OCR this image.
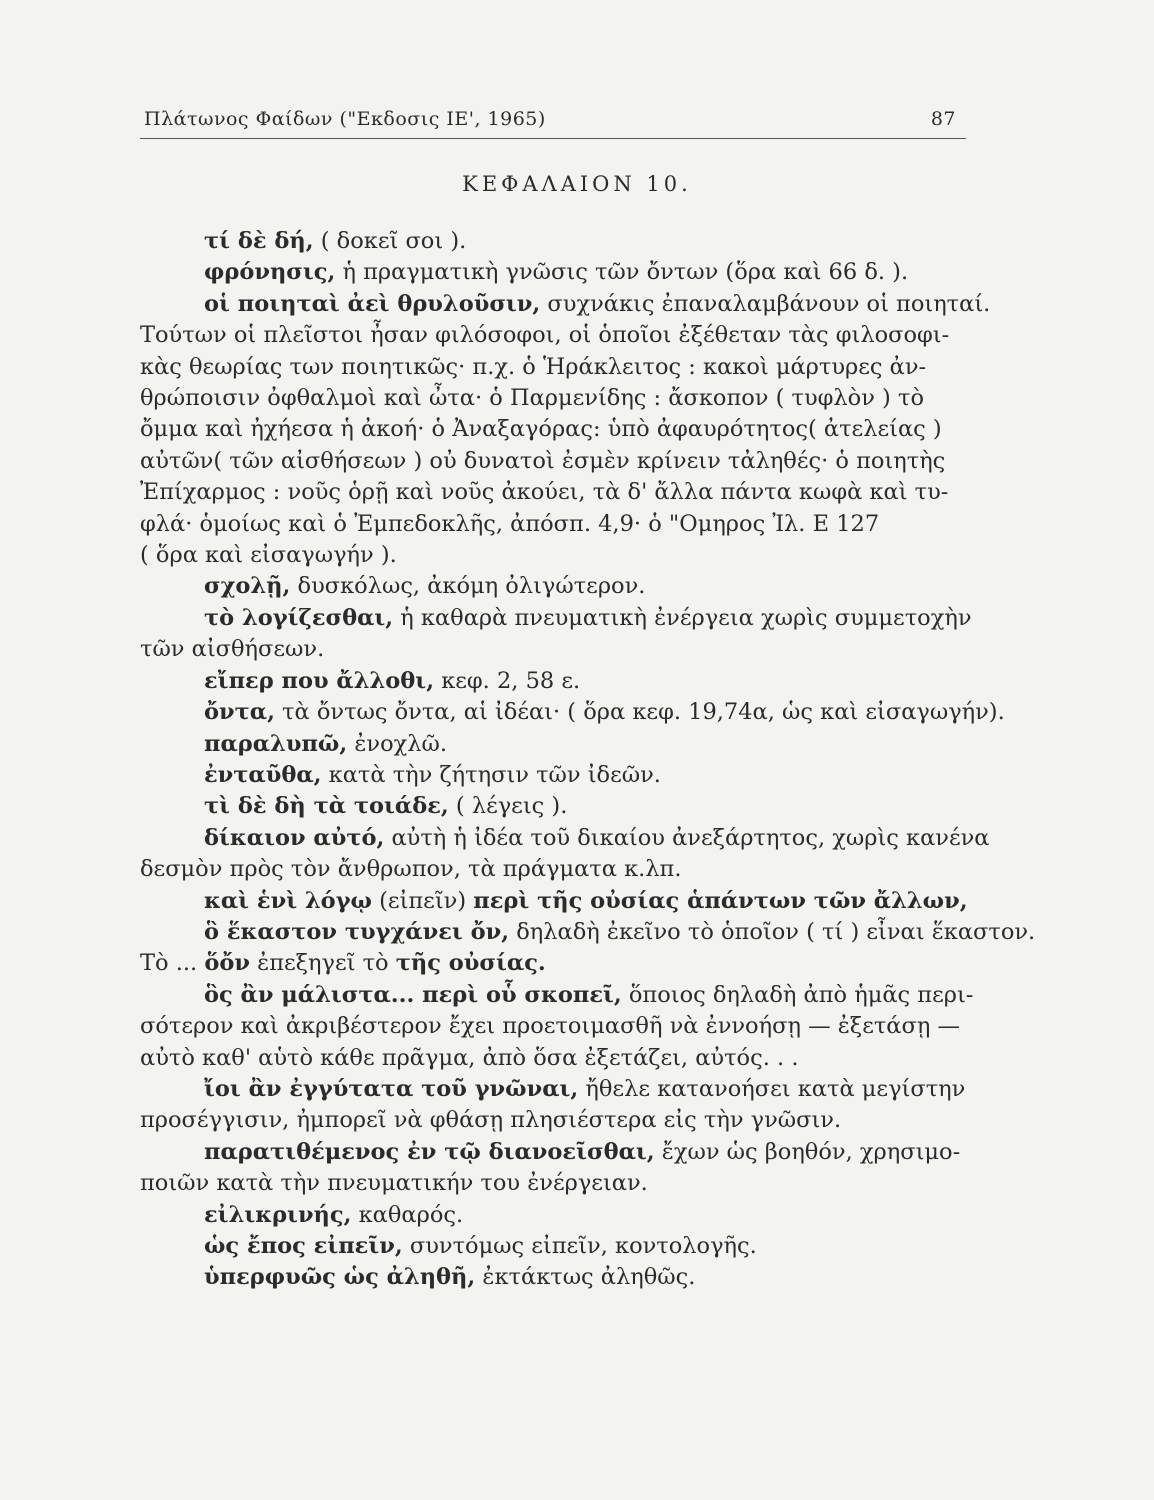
Πλάτωνος Φαίδων ("Εκδοσις ΙΕ', 1965)	87
ΚΕΦΑΛΑΙΟΝ 10.
τί δὲ δή, ( δοκεῖ σοι ).
φρόνησις, ἡ πραγματικὴ γνῶσις τῶν ὄντων (ὅρα καὶ 66 δ. ).
οἱ ποιηταὶ ἀεὶ θρυλοῦσιν, συχνάκις ἐπαναλαμβάνουν οἱ ποιηταί.
Τούτων οἱ πλεῖστοι ἦσαν φιλόσοφοι, οἱ ὁποῖοι ἐξέθεταν τὰς φιλοσοφι-
κὰς θεωρίας των ποιητικῶς· π.χ. ὁ Ἡράκλειτος : κακοὶ μάρτυρες ἀν-
θρώποισιν ὀφθαλμοὶ καὶ ὦτα· ὁ Παρμενίδης : ἄσκοπον ( τυφλὸν ) τὸ
ὄμμα καὶ ἠχήεσα ἡ ἀκοή· ὁ Ἀναξαγόρας: ὑπὸ ἀφαυρότητος( ἀτελείας )
αὐτῶν( τῶν αἰσθήσεων ) οὐ δυνατοὶ ἐσμὲν κρίνειν τἀληθές· ὁ ποιητὴς
Ἐπίχαρμος : νοῦς ὁρῇ καὶ νοῦς ἀκούει, τὰ δ' ἄλλα πάντα κωφὰ καὶ τυ-
φλά· ὁμοίως καὶ ὁ Ἐμπεδοκλῆς, ἀπόσπ. 4,9· ὁ "Ομηρος Ἰλ. Ε 127
( ὅρα καὶ εἰσαγωγήν ).
σχολῇ, δυσκόλως, ἀκόμη ὀλιγώτερον.
τὸ λογίζεσθαι, ἡ καθαρὰ πνευματικὴ ἐνέργεια χωρὶς συμμετοχὴν
τῶν αἰσθήσεων.
εἴπερ που ἄλλοθι, κεφ. 2, 58 ε.
ὄντα, τὰ ὄντως ὄντα, αἱ ἰδέαι· ( ὅρα κεφ. 19,74α, ὡς καὶ εἰσαγωγήν).
παραλυπῶ, ἐνοχλῶ.
ἐνταῦθα, κατὰ τὴν ζήτησιν τῶν ἰδεῶν.
τὶ δὲ δὴ τὰ τοιάδε, ( λέγεις ).
δίκαιον αὐτό, αὐτὴ ἡ ἰδέα τοῦ δικαίου ἀνεξάρτητος, χωρὶς κανένα
δεσμὸν πρὸς τὸν ἄνθρωπον, τὰ πράγματα κ.λπ.
καὶ ἑνὶ λόγῳ (εἰπεῖν) περὶ τῆς οὐσίας ἁπάντων τῶν ἄλλων,
ὃ ἕκαστον τυγχάνει ὄν, δηλαδὴ ἐκεῖνο τὸ ὁποῖον ( τί ) εἶναι ἕκαστον.
Τὸ ... ὅὄν ἐπεξηγεῖ τὸ τῆς οὐσίας.
ὃς ἂν μάλιστα... περὶ οὗ σκοπεῖ, ὅποιος δηλαδὴ ἀπὸ ἡμᾶς περι-
σότερον καὶ ἀκριβέστερον ἔχει προετοιμασθῆ νὰ ἐννοήσῃ — ἐξετάσῃ —
αὐτὸ καθ' αὑτὸ κάθε πρᾶγμα, ἀπὸ ὅσα ἐξετάζει, αὐτός. . .
ἴοι ἂν ἐγγύτατα τοῦ γνῶναι, ἤθελε κατανοήσει κατὰ μεγίστην
προσέγγισιν, ἠμπορεῖ νὰ φθάσῃ πλησιέστερα εἰς τὴν γνῶσιν.
παρατιθέμενος ἐν τῷ διανοεῖσθαι, ἔχων ὡς βοηθόν, χρησιμο-
ποιῶν κατὰ τὴν πνευματικήν του ἐνέργειαν.
εἰλικρινής, καθαρός.
ὡς ἔπος εἰπεῖν, συντόμως εἰπεῖν, κοντολογῆς.
ὑπερφυῶς ὡς ἀληθῆ, ἐκτάκτως ἀληθῶς.
